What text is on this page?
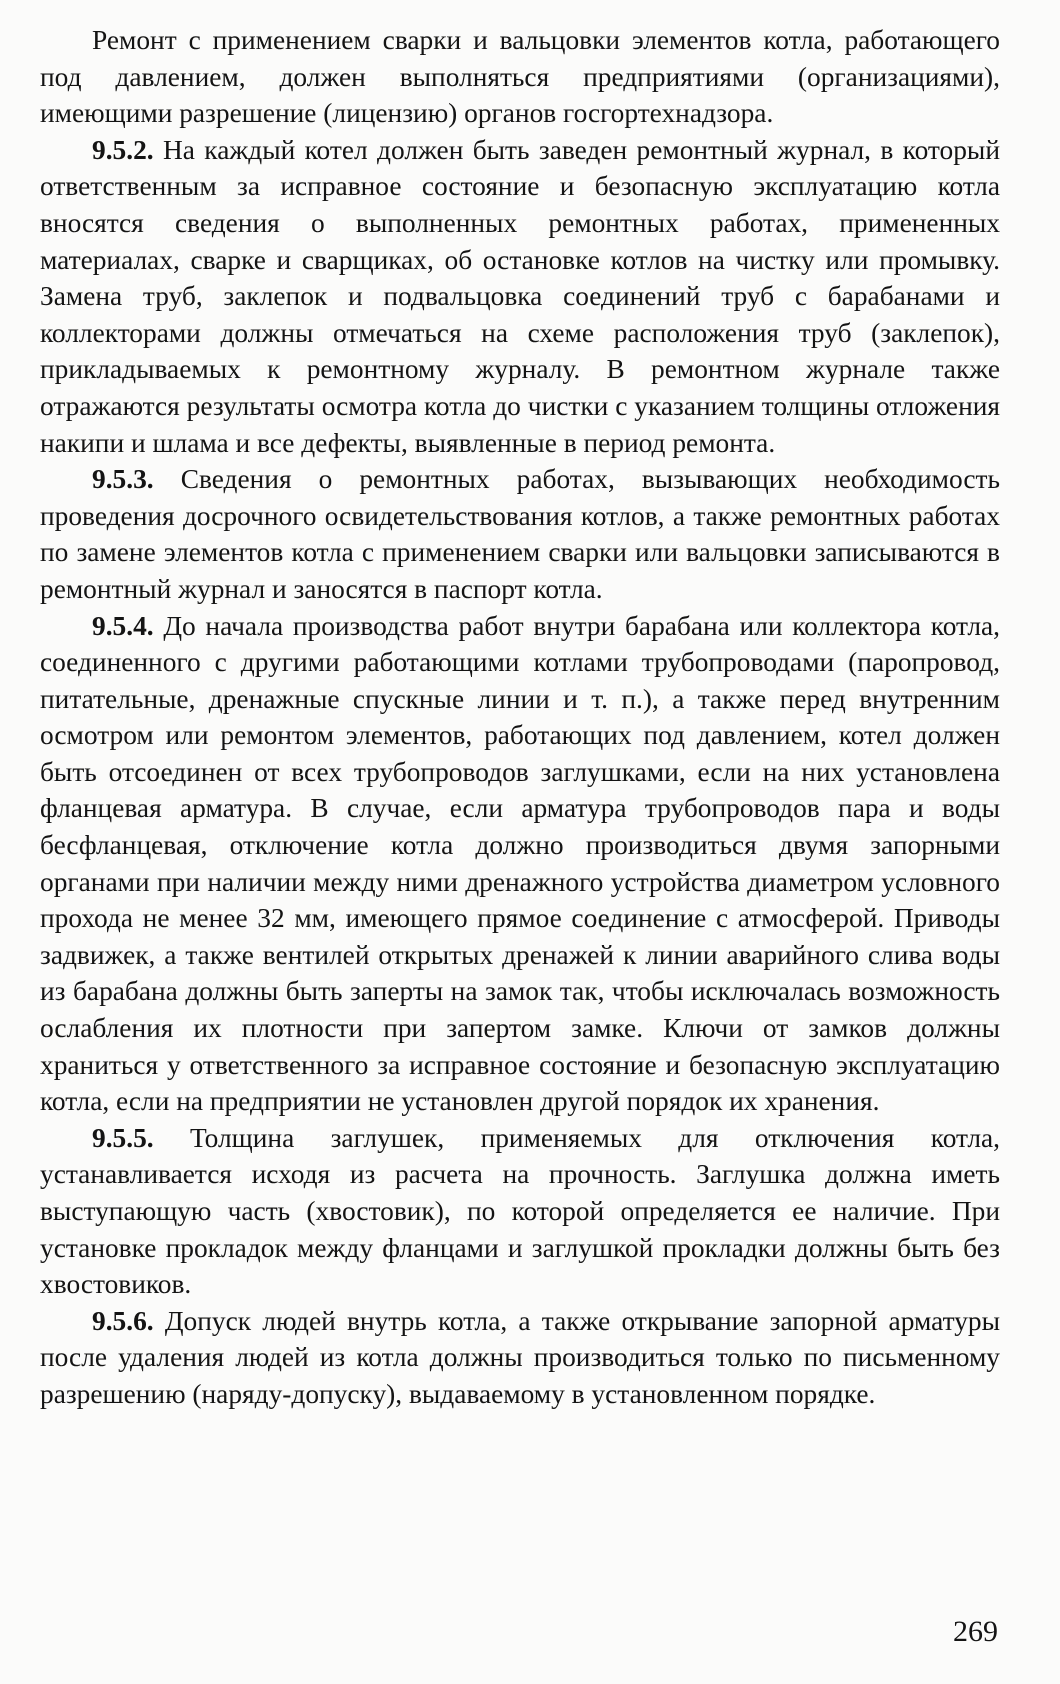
Ремонт с применением сварки и вальцовки элементов котла, работающего под давлением, должен выполняться предприятиями (организациями), имеющими разрешение (лицензию) органов госгортехнадзора.

9.5.2. На каждый котел должен быть заведен ремонтный журнал, в который ответственным за исправное состояние и безопасную эксплуатацию котла вносятся сведения о выполненных ремонтных работах, примененных материалах, сварке и сварщиках, об остановке котлов на чистку или промывку. Замена труб, заклепок и подвальцовка соединений труб с барабанами и коллекторами должны отмечаться на схеме расположения труб (заклепок), прикладываемых к ремонтному журналу. В ремонтном журнале также отражаются результаты осмотра котла до чистки с указанием толщины отложения накипи и шлама и все дефекты, выявленные в период ремонта.

9.5.3. Сведения о ремонтных работах, вызывающих необходимость проведения досрочного освидетельствования котлов, а также ремонтных работах по замене элементов котла с применением сварки или вальцовки записываются в ремонтный журнал и заносятся в паспорт котла.

9.5.4. До начала производства работ внутри барабана или коллектора котла, соединенного с другими работающими котлами трубопроводами (паропровод, питательные, дренажные спускные линии и т. п.), а также перед внутренним осмотром или ремонтом элементов, работающих под давлением, котел должен быть отсоединен от всех трубопроводов заглушками, если на них установлена фланцевая арматура. В случае, если арматура трубопроводов пара и воды бесфланцевая, отключение котла должно производиться двумя запорными органами при наличии между ними дренажного устройства диаметром условного прохода не менее 32 мм, имеющего прямое соединение с атмосферой. Приводы задвижек, а также вентилей открытых дренажей к линии аварийного слива воды из барабана должны быть заперты на замок так, чтобы исключалась возможность ослабления их плотности при запертом замке. Ключи от замков должны храниться у ответственного за исправное состояние и безопасную эксплуатацию котла, если на предприятии не установлен другой порядок их хранения.

9.5.5. Толщина заглушек, применяемых для отключения котла, устанавливается исходя из расчета на прочность. Заглушка должна иметь выступающую часть (хвостовик), по которой определяется ее наличие. При установке прокладок между фланцами и заглушкой прокладки должны быть без хвостовиков.

9.5.6. Допуск людей внутрь котла, а также открывание запорной арматуры после удаления людей из котла должны производиться только по письменному разрешению (наряду-допуску), выдаваемому в установленном порядке.

269
